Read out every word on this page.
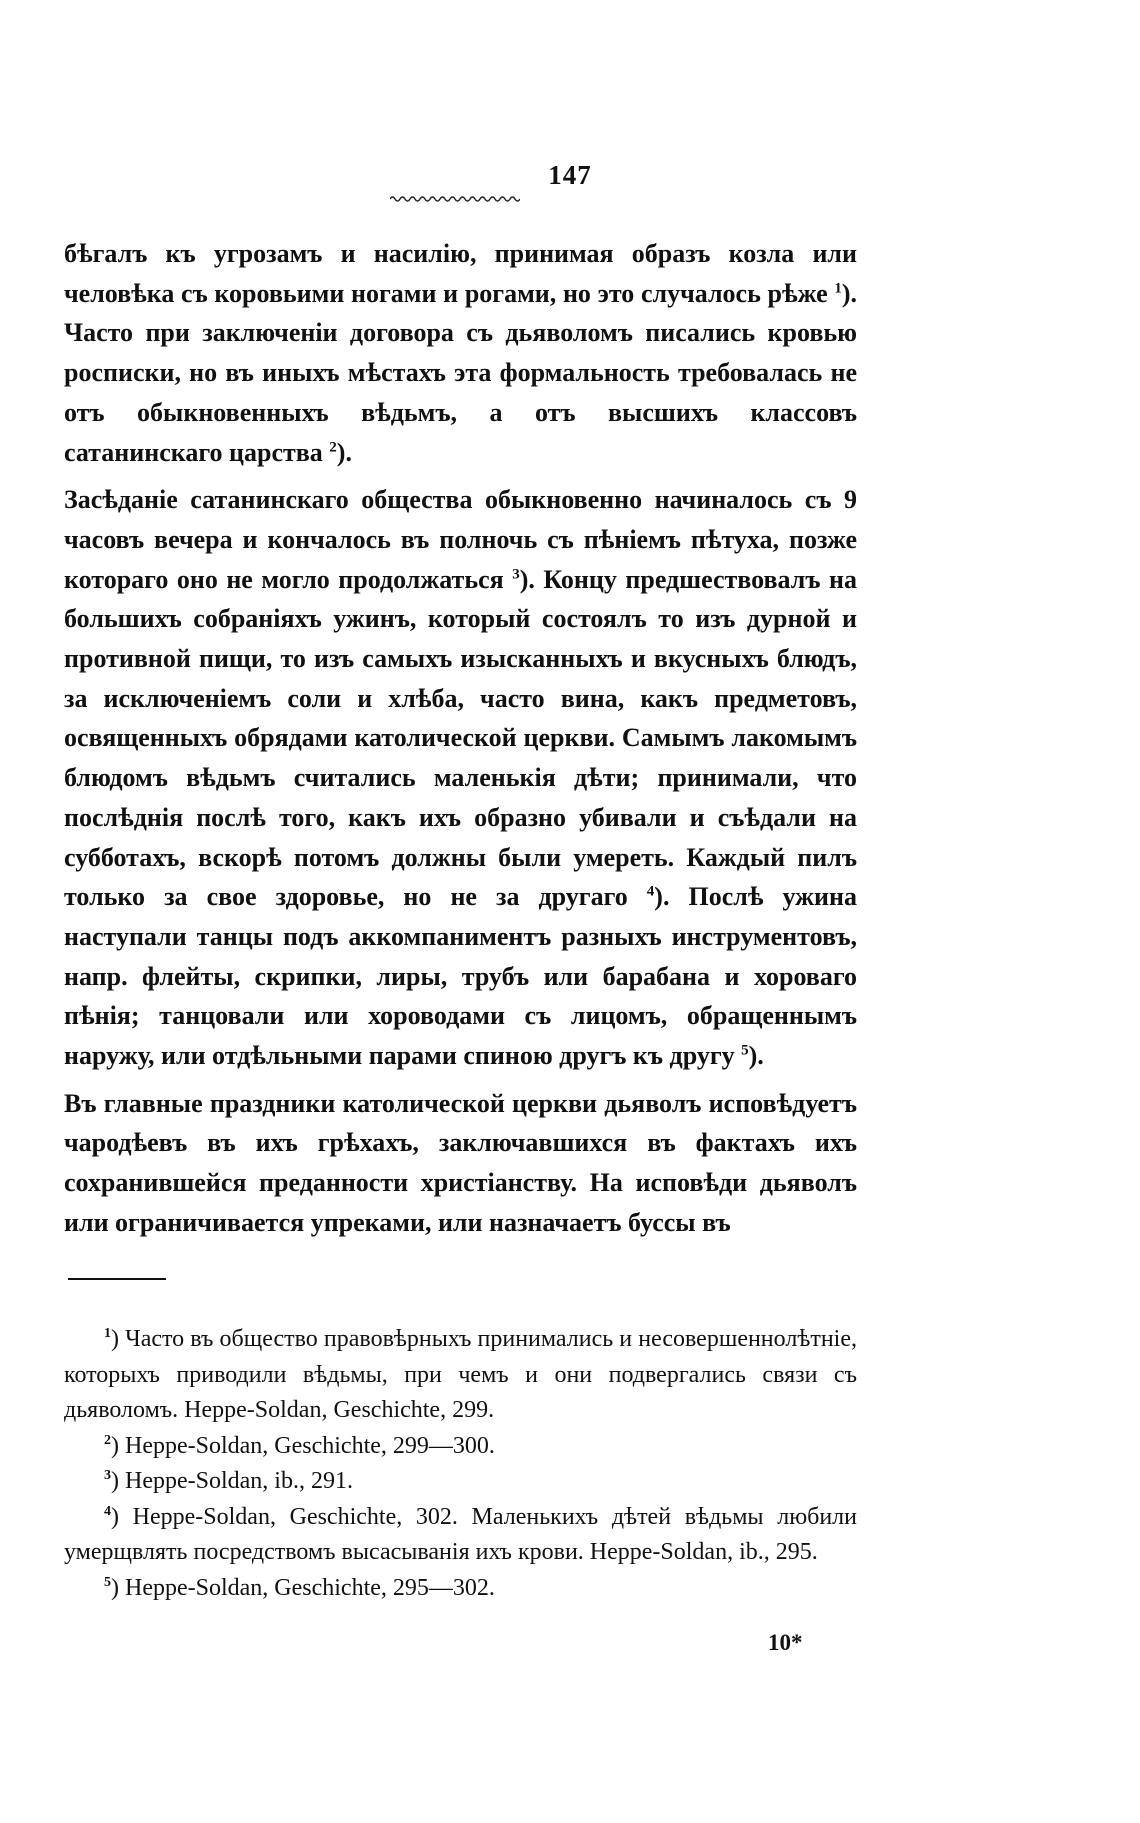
147

бѣгалъ къ угрозамъ и насилію, принимая образъ козла или человѣка съ коровьими ногами и рогами, но это случалось рѣже $^1$). Часто при заключеніи договора съ дьяволомъ писались кровью росписки, но въ иныхъ мѣстахъ эта формальность требовалась не отъ обыкновенныхъ вѣдьмъ, а отъ высшихъ классовъ сатанинскаго царства $^2$).

Засѣданіе сатанинскаго общества обыкновенно начиналось съ 9 часовъ вечера и кончалось въ полночь съ пѣніемъ пѣтуха, позже котораго оно не могло продолжаться $^3$). Концу предшествовалъ на большихъ собраніяхъ ужинъ, который состоялъ то изъ дурной и противной пищи, то изъ самыхъ изысканныхъ и вкусныхъ блюдъ, за исключеніемъ соли и хлѣба, часто вина, какъ предметовъ, освященныхъ обрядами католической церкви. Самымъ лакомымъ блюдомъ вѣдьмъ считались маленькія дѣти; принимали, что послѣднія послѣ того, какъ ихъ образно убивали и съѣдали на субботахъ, вскорѣ потомъ должны были умереть. Каждый пилъ только за свое здоровье, но не за другаго $^4$). Послѣ ужина наступали танцы подъ аккомпаниментъ разныхъ инструментовъ, напр. флейты, скрипки, лиры, трубъ или барабана и хороваго пѣнія; танцовали или хороводами съ лицомъ, обращеннымъ наружу, или отдѣльными парами спиною другъ къ другу $^5$).

Въ главные праздники католической церкви дьяволъ исповѣдуетъ чародѣевъ въ ихъ грѣхахъ, заключавшихся въ фактахъ ихъ сохранившейся преданности христіанству. На исповѣди дьяволъ или ограничивается упреками, или назначаетъ буссы въ

$^1$) Часто въ общество правовѣрныхъ принимались и несовершеннолѣтніе, которыхъ приводили вѣдьмы, при чемъ и они подвергались связи съ дьяволомъ. Heppe-Soldan, Geschichte, 299.

$^2$) Heppe-Soldan, Geschichte, 299—300.

$^3$) Heppe-Soldan, ib., 291.

$^4$) Heppe-Soldan, Geschichte, 302. Маленькихъ дѣтей вѣдьмы любили умерщвлять посредствомъ высасыванія ихъ крови. Heppe-Soldan, ib., 295.

$^5$) Heppe-Soldan, Geschichte, 295—302.

10*
